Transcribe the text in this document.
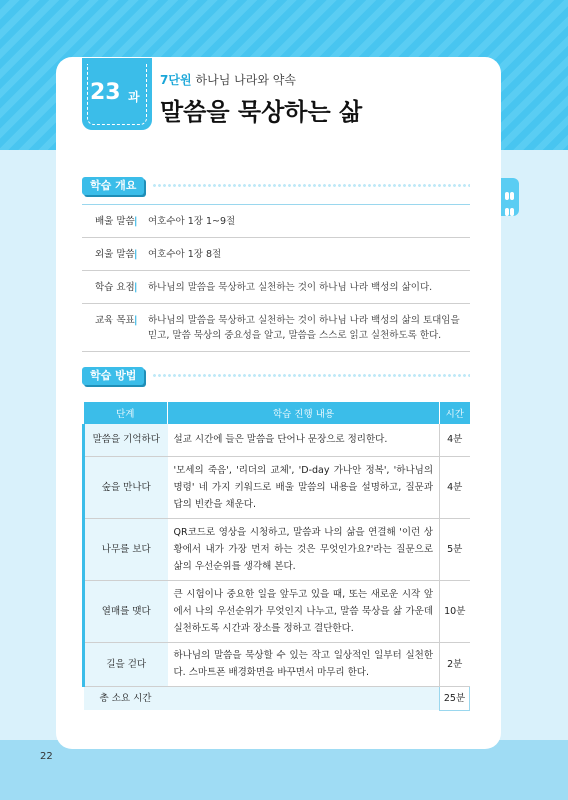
23 과
7단원 하나님 나라와 약속
말씀을 묵상하는 삶
학습 개요
배울 말씀 |	여호수아 1장 1~9절
외울 말씀 |	여호수아 1장 8절
학습 요점 |	하나님의 말씀을 묵상하고 실천하는 것이 하나님 나라 백성의 삶이다.
교육 목표 |	하나님의 말씀을 묵상하고 실천하는 것이 하나님 나라 백성의 삶의 토대임을 믿고, 말씀 묵상의 중요성을 알고, 말씀을 스스로 읽고 실천하도록 한다.
학습 방법
단계	학습 진행 내용	시간
말씀을 기억하다	설교 시간에 들은 말씀을 단어나 문장으로 정리한다.	4분
숲을 만나다	'모세의 죽음', '리더의 교체', 'D-day 가나안 정복', '하나님의 명령' 네 가지 키워드로 배울 말씀의 내용을 설명하고, 질문과 답의 빈칸을 채운다.	4분
나무를 보다	QR코드로 영상을 시청하고, 말씀과 나의 삶을 연결해 '이런 상황에서 내가 가장 먼저 하는 것은 무엇인가요?'라는 질문으로 삶의 우선순위를 생각해 본다.	5분
열매를 맺다	큰 시험이나 중요한 일을 앞두고 있을 때, 또는 새로운 시작 앞에서 나의 우선순위가 무엇인지 나누고, 말씀 묵상을 삶 가운데 실천하도록 시간과 장소를 정하고 결단한다.	10분
길을 걷다	하나님의 말씀을 묵상할 수 있는 작고 일상적인 일부터 실천한다. 스마트폰 배경화면을 바꾸면서 마무리 한다.	2분
총 소요 시간		25분
22
